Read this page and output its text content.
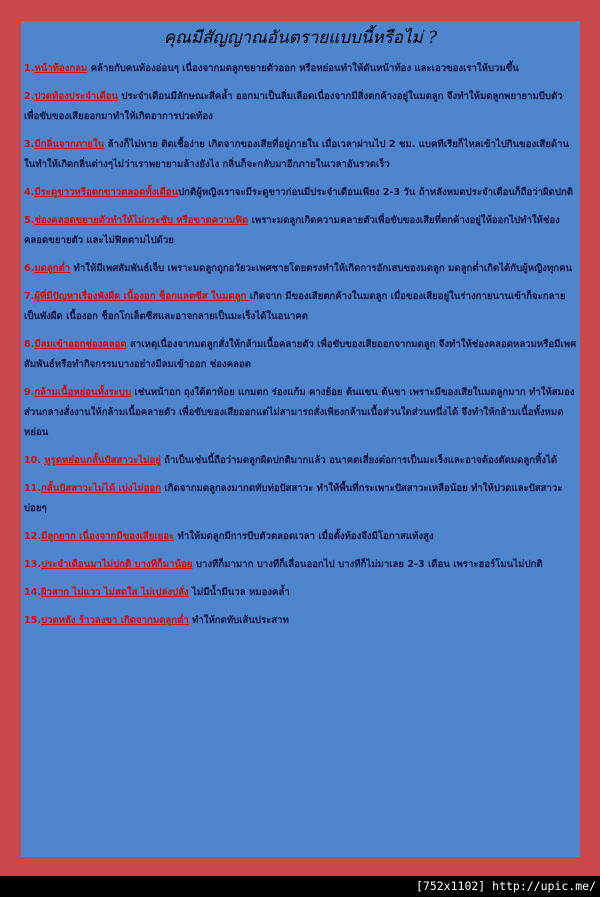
คุณมีสัญญาณอันตรายแบบนี้หรือไม่ ?
1.หน้าท้องกลม คล้ายกับคนท้องอ่อนๆ เนื่องจากมดลูกขยายตัวออก หรือหย่อนทำให้ดันหน้าท้อง และเอวของเราให้บวมขึ้น
2.ปวดท้องประจำเดือน ประจำเดือนมีลักษณะสีคล้ำ ออกมาเป็นลิ่มเลือดเนื่องจากมีสิ่งตกค้างอยู่ในมดลูก จึงทำให้มดลูกพยายามบีบตัวเพื่อขับของเสียออกมาทำให้เกิดอาการปวดท้อง
3.มีกลิ่นจากภายใน ล้างก็ไม่หาย ติดเชื้อง่าย เกิดจากของเสียที่อยู่ภายใน เมื่อเวลาผ่านไป 2 ชม. แบคทีเรียก็ไหลเข้าไปกินของเสียด้านในทำให้เกิดกลิ่นต่างๆไม่ว่าเราพยายามล้างยังไง กลิ่นก็จะกลับมาอีกภายในเวลาอันรวดเร็ว
4.มีระดูขาวหรือตกขาวตลอดทั้งเดือนปกติผู้หญิงเราจะมีระดูขาวก่อนมีประจำเดือนเพียง 2-3 วัน ถ้าหลังหมดประจำเดือนก็ถือว่าผิดปกติ
5.ช่องคลอดขยายตัวทำให้ไม่กระชับ หรือขาดความฟิต เพราะมดลูกเกิดความคลายตัวเพื่อขับของเสียที่ตกค้างอยู่ให้ออกไปทำให้ช่องคลอดขยายตัว และไม่ฟิตตามไปด้วย
6.มดลูกต่ำ ทำให้มีเพศสัมพันธ์เจ็บ เพราะมดลูกถูกอวัยวะเพศชายโดยตรงทำให้เกิดการอักเสบของมดลูก มดลูกต่ำเกิดได้กับผู้หญิงทุกคน
7.ผู้ที่มีปัญหาเรื่องพังผืด เนื้องอก ช็อกแลตซีส ในมดลูก เกิดจาก มีของเสียตกค้างในมดลูก เมื่อของเสียอยู่ในร่างกายนานเข้าก็จะกลายเป็นพังผืด เนื้องอก ช็อกโกเล็ตซีสและอาจกลายเป็นมะเร็งได้ในอนาคต
8.มีลมเข้าออกช่องคลอด สาเหตุเนื่องจากมดลูกสั่งให้กล้ามเนื้อคลายตัว เพื่อขับของเสียออกจากมดลูก จึงทำให้ช่องคลอดหลวมหรือมีเพศสัมพันธ์หรือทำกิจกรรมบางอย่างมีลมเข้าออก ช่องคลอด
9.กล้ามเนื้อหย่อนทั้งระบบ เช่นหน้าอก ถุงใต้ตาห้อย แกมตก ร่องแก้ม คางย้อย ต้นแขน ต้นขา เพราะมีของเสียในมดลูกมาก ทำให้สมองส่วนกลางสั่งงานให้กล้ามเนื้อคลายตัว เพื่อขับของเสียออกแต่ไม่สามารถสั่งเพียงกล้ามเนื้อส่วนใดส่วนหนึ่งได้ จึงทำให้กล้ามเนื้อทั้งหมดหย่อน
10. หูรูดหย่อนกลั้นปัสสาวะไม่อยู่ ถ้าเป็นเช่นนี้ถือว่ามดลูกผิดปกติมากแล้ว อนาคตเสี่ยงต่อการเป็นมะเร็งและอาจต้องตัดมดลูกทิ้งได้
11.กลั้นปัสสาวะไม่ได้ เบ่งไม่ออก เกิดจากมดลูกลงมากดทับท่อปัสสาวะ ทำให้พื้นที่กระเพาะปัสสาวะเหลือน้อย ทำให้ปวดและปัสสาวะบ่อยๆ
12.มีลูกยาก เนื่องจากมีของเสียเยอะ ทำให้มดลูกมีการบีบตัวตลอดเวลา เมื่อตั้งท้องจึงมีโอกาสแท้งสูง
13.ประจำเดือนมาไม่ปกติ บางทีก็มาน้อย บางทีก็มามาก บางทีก็เลื่อนออกไป บางทีก็ไม่มาเลย 2-3 เดือน เพราะฮอร์โมนไม่ปกติ
14.ผิวสาก ไม่แวว ไม่สดใส ไม่เปล่งปลั่ง ไม่มีน้ำมีนวล หมองคล้ำ
15.ปวดหลัง ร้าวลงขา เกิดจากมดลูกต่ำ ทำให้กดทับเส้นประสาท
[752x1102] http://upic.me/
